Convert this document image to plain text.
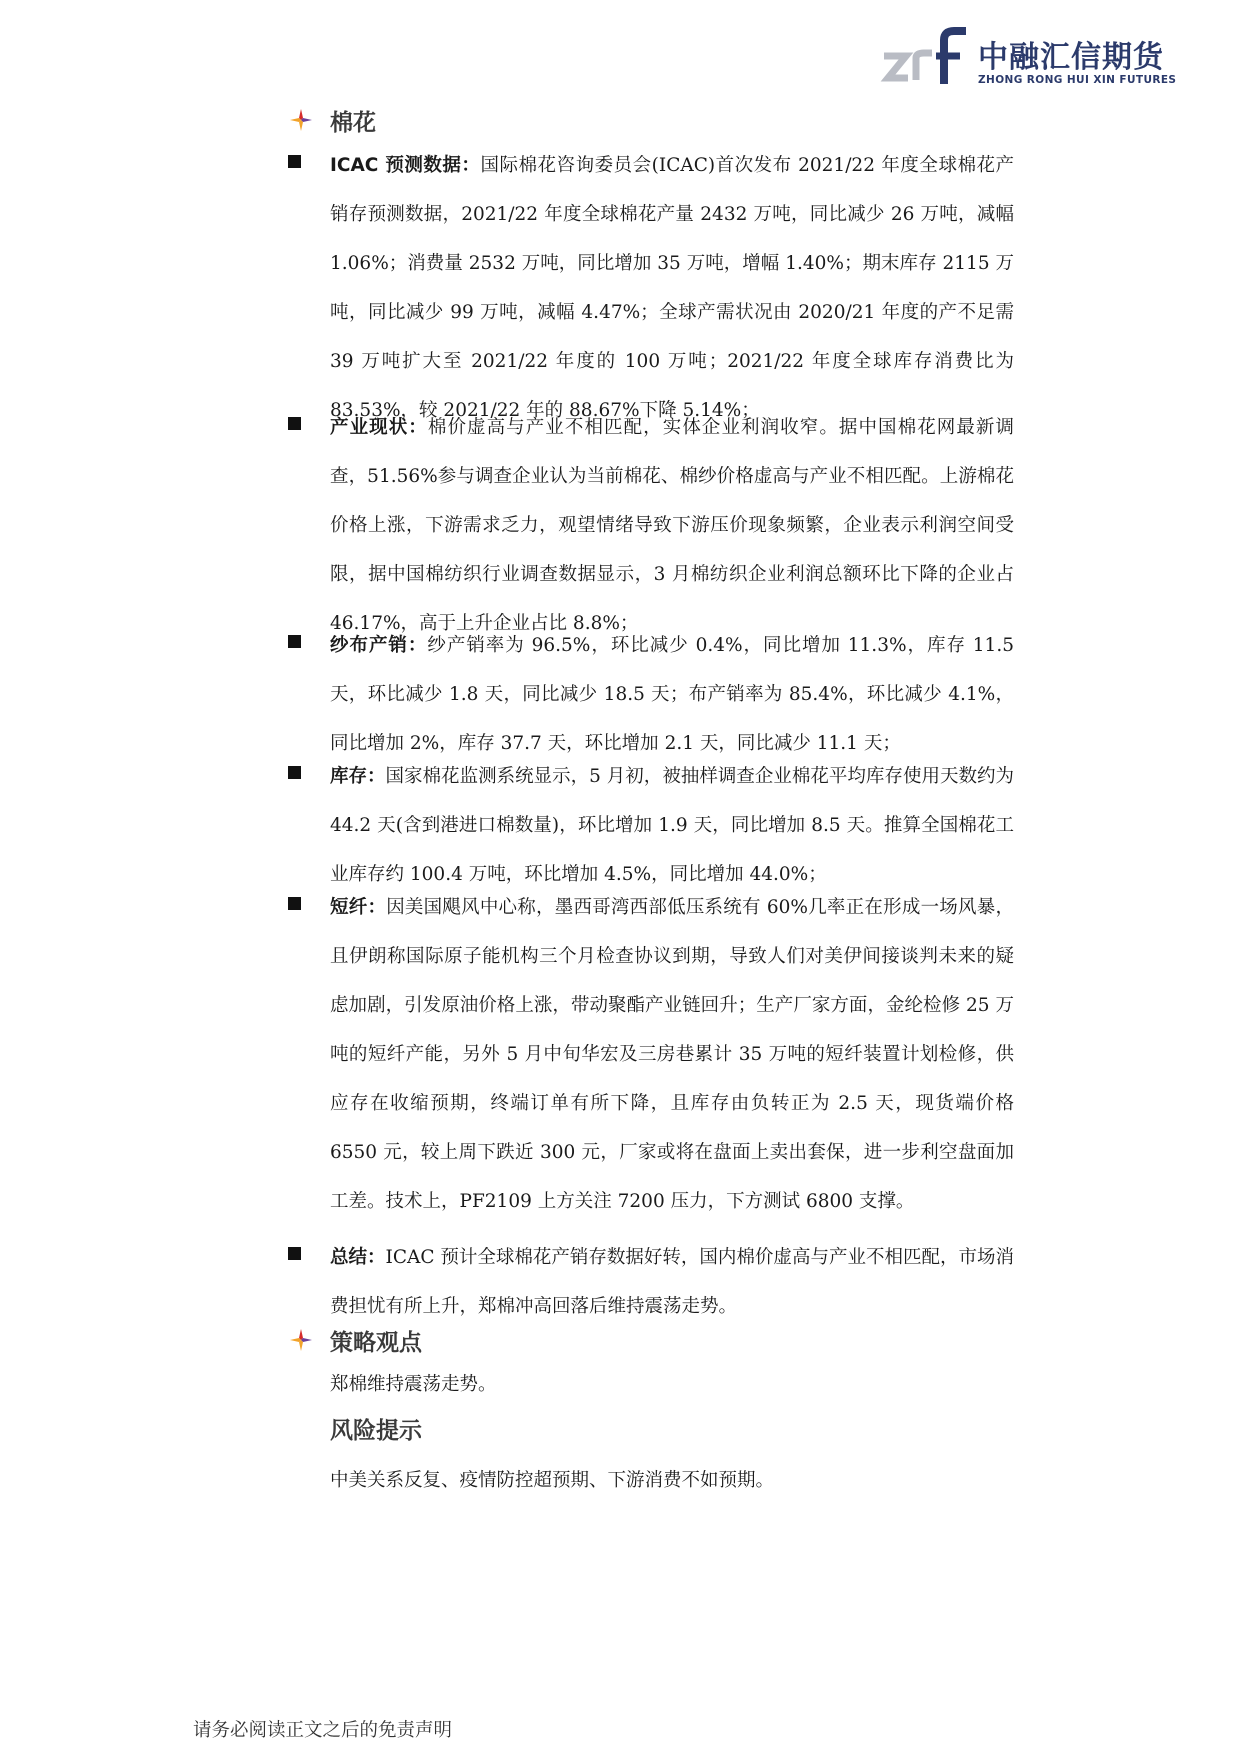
中融汇信期货
ZHONG RONG HUI XIN FUTURES
棉花
ICAC 预测数据：国际棉花咨询委员会(ICAC)首次发布 2021/22 年度全球棉花产销存预测数据，2021/22 年度全球棉花产量 2432 万吨，同比减少 26 万吨，减幅 1.06%；消费量 2532 万吨，同比增加 35 万吨，增幅 1.40%；期末库存 2115 万吨，同比减少 99 万吨，减幅 4.47%；全球产需状况由 2020/21 年度的产不足需 39 万吨扩大至 2021/22 年度的 100 万吨；2021/22 年度全球库存消费比为 83.53%，较 2021/22 年的 88.67%下降 5.14%；
产业现状：棉价虚高与产业不相匹配，实体企业利润收窄。据中国棉花网最新调查，51.56%参与调查企业认为当前棉花、棉纱价格虚高与产业不相匹配。上游棉花价格上涨，下游需求乏力，观望情绪导致下游压价现象频繁，企业表示利润空间受限，据中国棉纺织行业调查数据显示，3 月棉纺织企业利润总额环比下降的企业占 46.17%，高于上升企业占比 8.8%；
纱布产销：纱产销率为 96.5%，环比减少 0.4%，同比增加 11.3%，库存 11.5 天，环比减少 1.8 天，同比减少 18.5 天；布产销率为 85.4%，环比减少 4.1%，同比增加 2%，库存 37.7 天，环比增加 2.1 天，同比减少 11.1 天；
库存：国家棉花监测系统显示，5 月初，被抽样调查企业棉花平均库存使用天数约为 44.2 天(含到港进口棉数量)，环比增加 1.9 天，同比增加 8.5 天。推算全国棉花工业库存约 100.4 万吨，环比增加 4.5%，同比增加 44.0%；
短纤：因美国飓风中心称，墨西哥湾西部低压系统有 60%几率正在形成一场风暴，且伊朗称国际原子能机构三个月检查协议到期，导致人们对美伊间接谈判未来的疑虑加剧，引发原油价格上涨，带动聚酯产业链回升；生产厂家方面，金纶检修 25 万吨的短纤产能，另外 5 月中旬华宏及三房巷累计 35 万吨的短纤装置计划检修，供应存在收缩预期，终端订单有所下降，且库存由负转正为 2.5 天，现货端价格 6550 元，较上周下跌近 300 元，厂家或将在盘面上卖出套保，进一步利空盘面加工差。技术上，PF2109 上方关注 7200 压力，下方测试 6800 支撑。
总结：ICAC 预计全球棉花产销存数据好转，国内棉价虚高与产业不相匹配，市场消费担忧有所上升，郑棉冲高回落后维持震荡走势。
策略观点
郑棉维持震荡走势。
风险提示
中美关系反复、疫情防控超预期、下游消费不如预期。
请务必阅读正文之后的免责声明
